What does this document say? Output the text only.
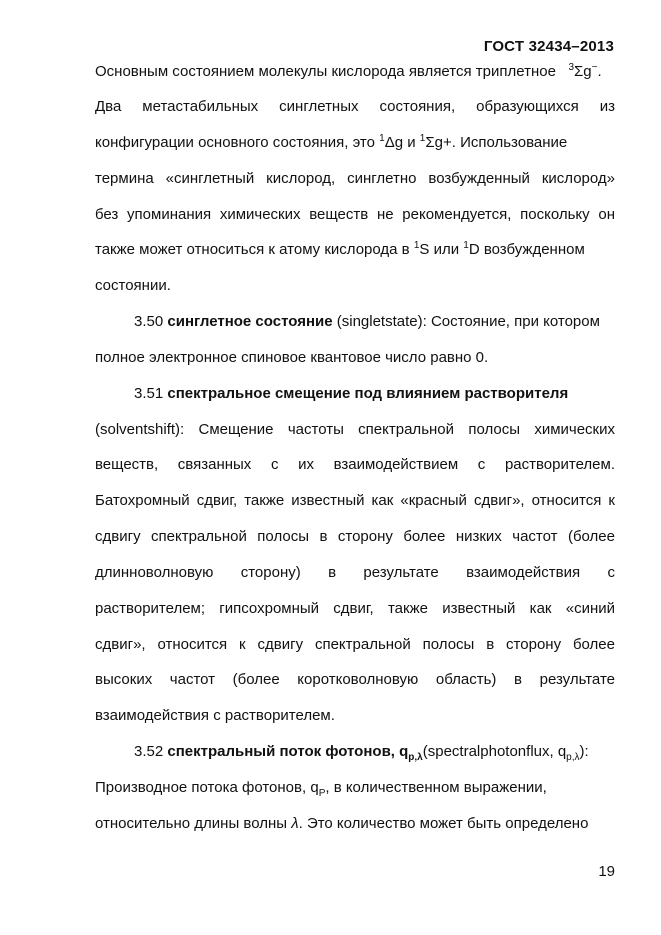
ГОСТ 32434–2013
Основным состоянием молекулы кислорода является триплетное $^3$Σg−.
Два метастабильных синглетных состояния, образующихся из
конфигурации основного состояния, это $^1$Δg и $^1$Σg+. Использование
термина «синглетный кислород, синглетно возбужденный кислород»
без упоминания химических веществ не рекомендуется, поскольку он
также может относиться к атому кислорода в $^1$S или $^1$D возбужденном
состоянии.
3.50 синглетное состояние (singletstate): Состояние, при котором
полное электронное спиновое квантовое число равно 0.
3.51 спектральное смещение под влиянием растворителя
(solventshift): Смещение частоты спектральной полосы химических
веществ, связанных с их взаимодействием с растворителем.
Батохромный сдвиг, также известный как «красный сдвиг», относится к
сдвигу спектральной полосы в сторону более низких частот (более
длинноволновую сторону) в результате взаимодействия с
растворителем; гипсохромный сдвиг, также известный как «синий
сдвиг», относится к сдвигу спектральной полосы в сторону более
высоких частот (более коротковолновую область) в результате
взаимодействия с растворителем.
3.52 спектральный поток фотонов, $q_{p,\lambda}(spectralphotonflux$, $q_{p,\lambda}$):
Производное потока фотонов, $q_P$, в количественном выражении,
относительно длины волны λ. Это количество может быть определено
19
